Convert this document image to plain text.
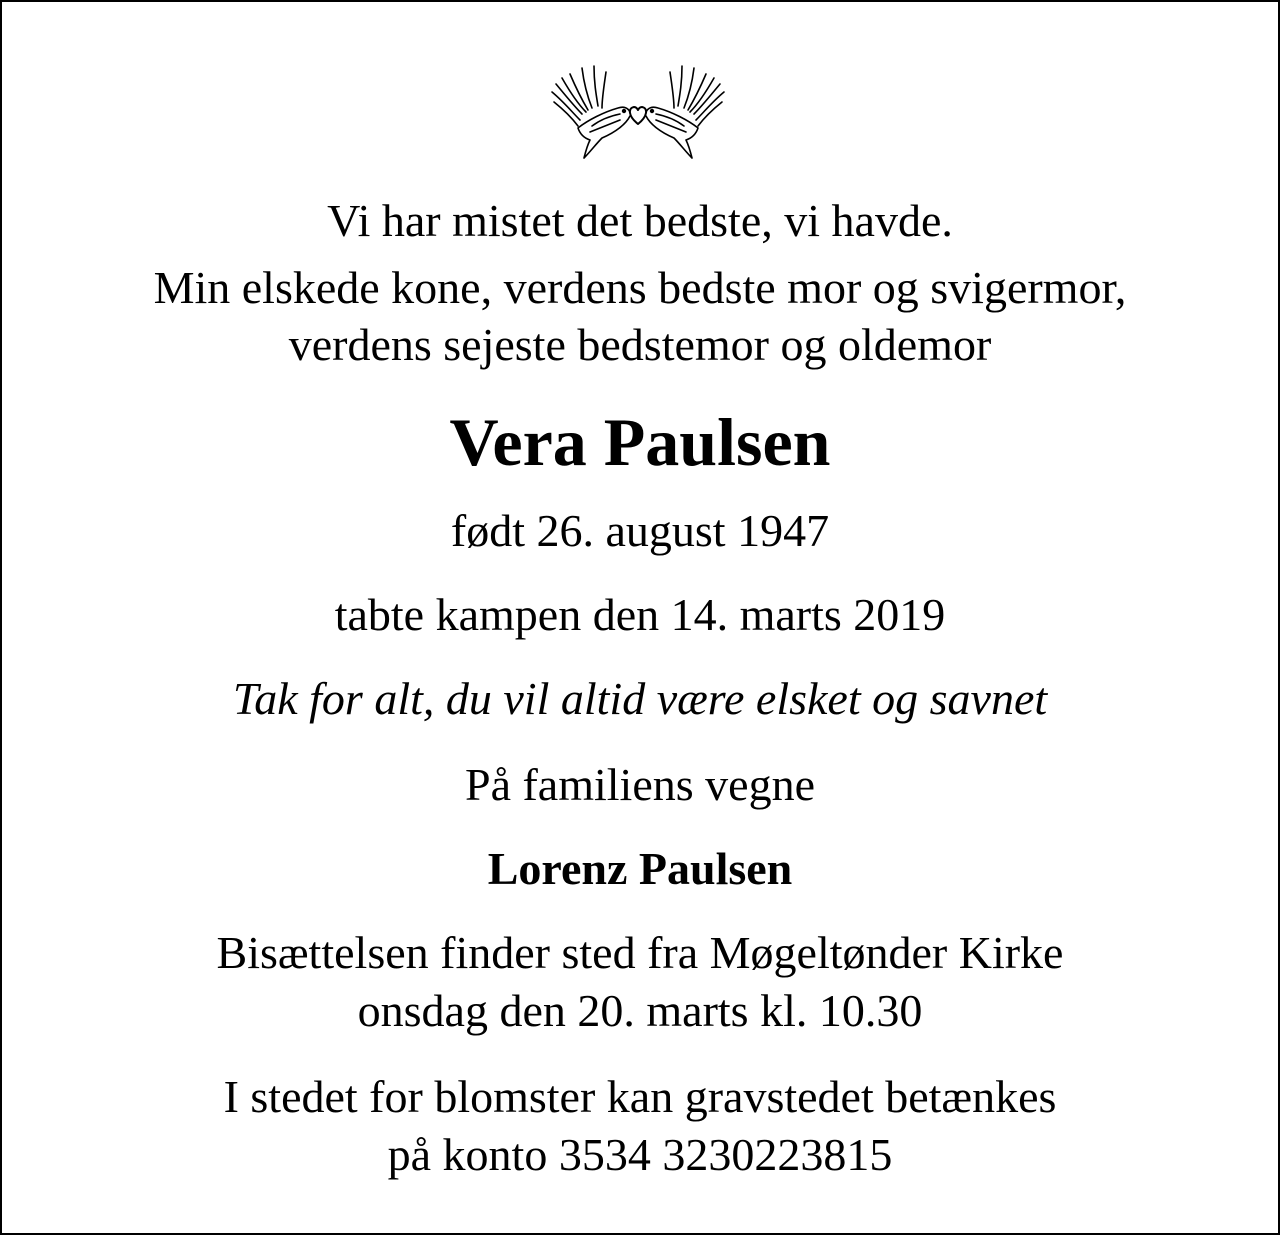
Vi har mistet det bedste, vi havde.
Min elskede kone, verdens bedste mor og svigermor,
verdens sejeste bedstemor og oldemor
Vera Paulsen
født 26. august 1947
tabte kampen den 14. marts 2019
Tak for alt, du vil altid være elsket og savnet
På familiens vegne
Lorenz Paulsen
Bisættelsen finder sted fra Møgeltønder Kirke
onsdag den 20. marts kl. 10.30
I stedet for blomster kan gravstedet betænkes
på konto 3534 3230223815
